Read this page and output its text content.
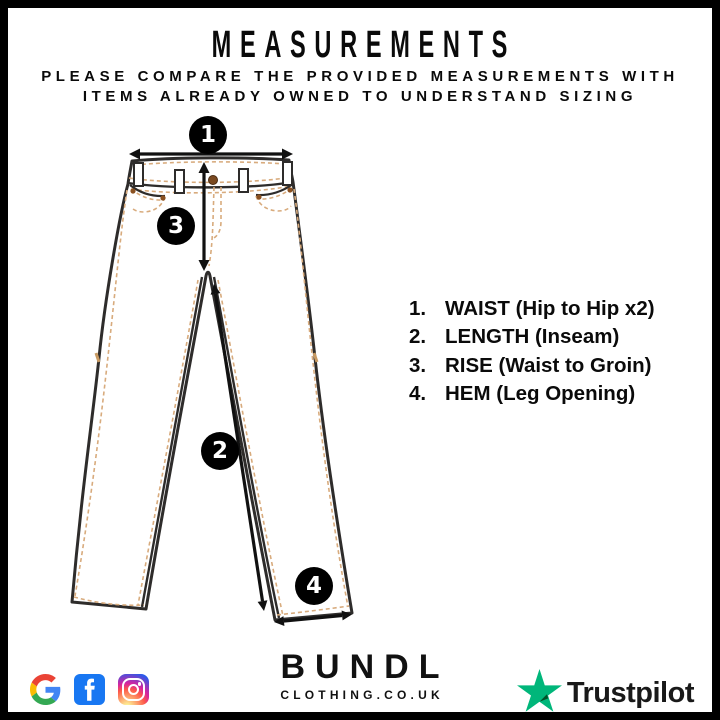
MEASUREMENTS
PLEASE COMPARE THE PROVIDED MEASUREMENTS WITH
ITEMS ALREADY OWNED TO UNDERSTAND SIZING
1
2
3
4
1. WAIST (Hip to Hip x2)
2. LENGTH (Inseam)
3. RISE (Waist to Groin)
4. HEM (Leg Opening)
BUNDL
CLOTHING.CO.UK	Trustpilot
